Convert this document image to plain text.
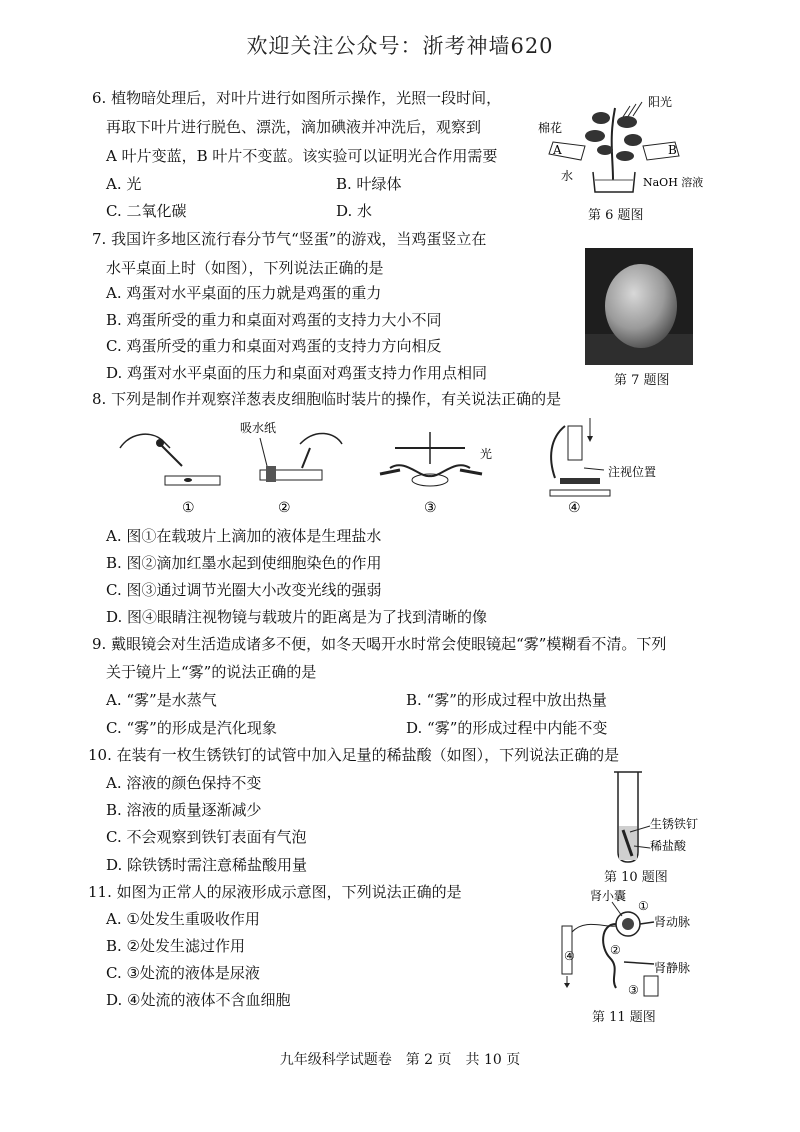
欢迎关注公众号：浙考神墙620
6. 植物暗处理后，对叶片进行如图所示操作，光照一段时间，
再取下叶片进行脱色、漂洗，滴加碘液并冲洗后，观察到
A 叶片变蓝，B 叶片不变蓝。该实验可以证明光合作用需要
A. 光	B. 叶绿体
C. 二氧化碳	D. 水
阳光
棉花
A	B
水	NaOH 溶液
第 6 题图
7. 我国许多地区流行春分节气“竖蛋”的游戏，当鸡蛋竖立在
水平桌面上时（如图），下列说法正确的是
A. 鸡蛋对水平桌面的压力就是鸡蛋的重力
B. 鸡蛋所受的重力和桌面对鸡蛋的支持力大小不同
C. 鸡蛋所受的重力和桌面对鸡蛋的支持力方向相反
D. 鸡蛋对水平桌面的压力和桌面对鸡蛋支持力作用点相同	第 7 题图
8. 下列是制作并观察洋葱表皮细胞临时装片的操作，有关说法正确的是
①
吸水纸
②
光
③
注视位置
④
A. 图①在载玻片上滴加的液体是生理盐水
B. 图②滴加红墨水起到使细胞染色的作用
C. 图③通过调节光圈大小改变光线的强弱
D. 图④眼睛注视物镜与载玻片的距离是为了找到清晰的像
9. 戴眼镜会对生活造成诸多不便，如冬天喝开水时常会使眼镜起“雾”模糊看不清。下列
关于镜片上“雾”的说法正确的是
A. “雾”是水蒸气	B. “雾”的形成过程中放出热量
C. “雾”的形成是汽化现象	D. “雾”的形成过程中内能不变
10. 在装有一枚生锈铁钉的试管中加入足量的稀盐酸（如图），下列说法正确的是
A. 溶液的颜色保持不变
B. 溶液的质量逐渐减少
C. 不会观察到铁钉表面有气泡
D. 除铁锈时需注意稀盐酸用量
生锈铁钉
稀盐酸
第 10 题图
11. 如图为正常人的尿液形成示意图，下列说法正确的是
A. ①处发生重吸收作用
B. ②处发生滤过作用
C. ③处流的液体是尿液
D. ④处流的液体不含血细胞
肾小囊
①
肾动脉
④	②
肾静脉
③
第 11 题图
九年级科学试题卷　第 2 页　共 10 页
